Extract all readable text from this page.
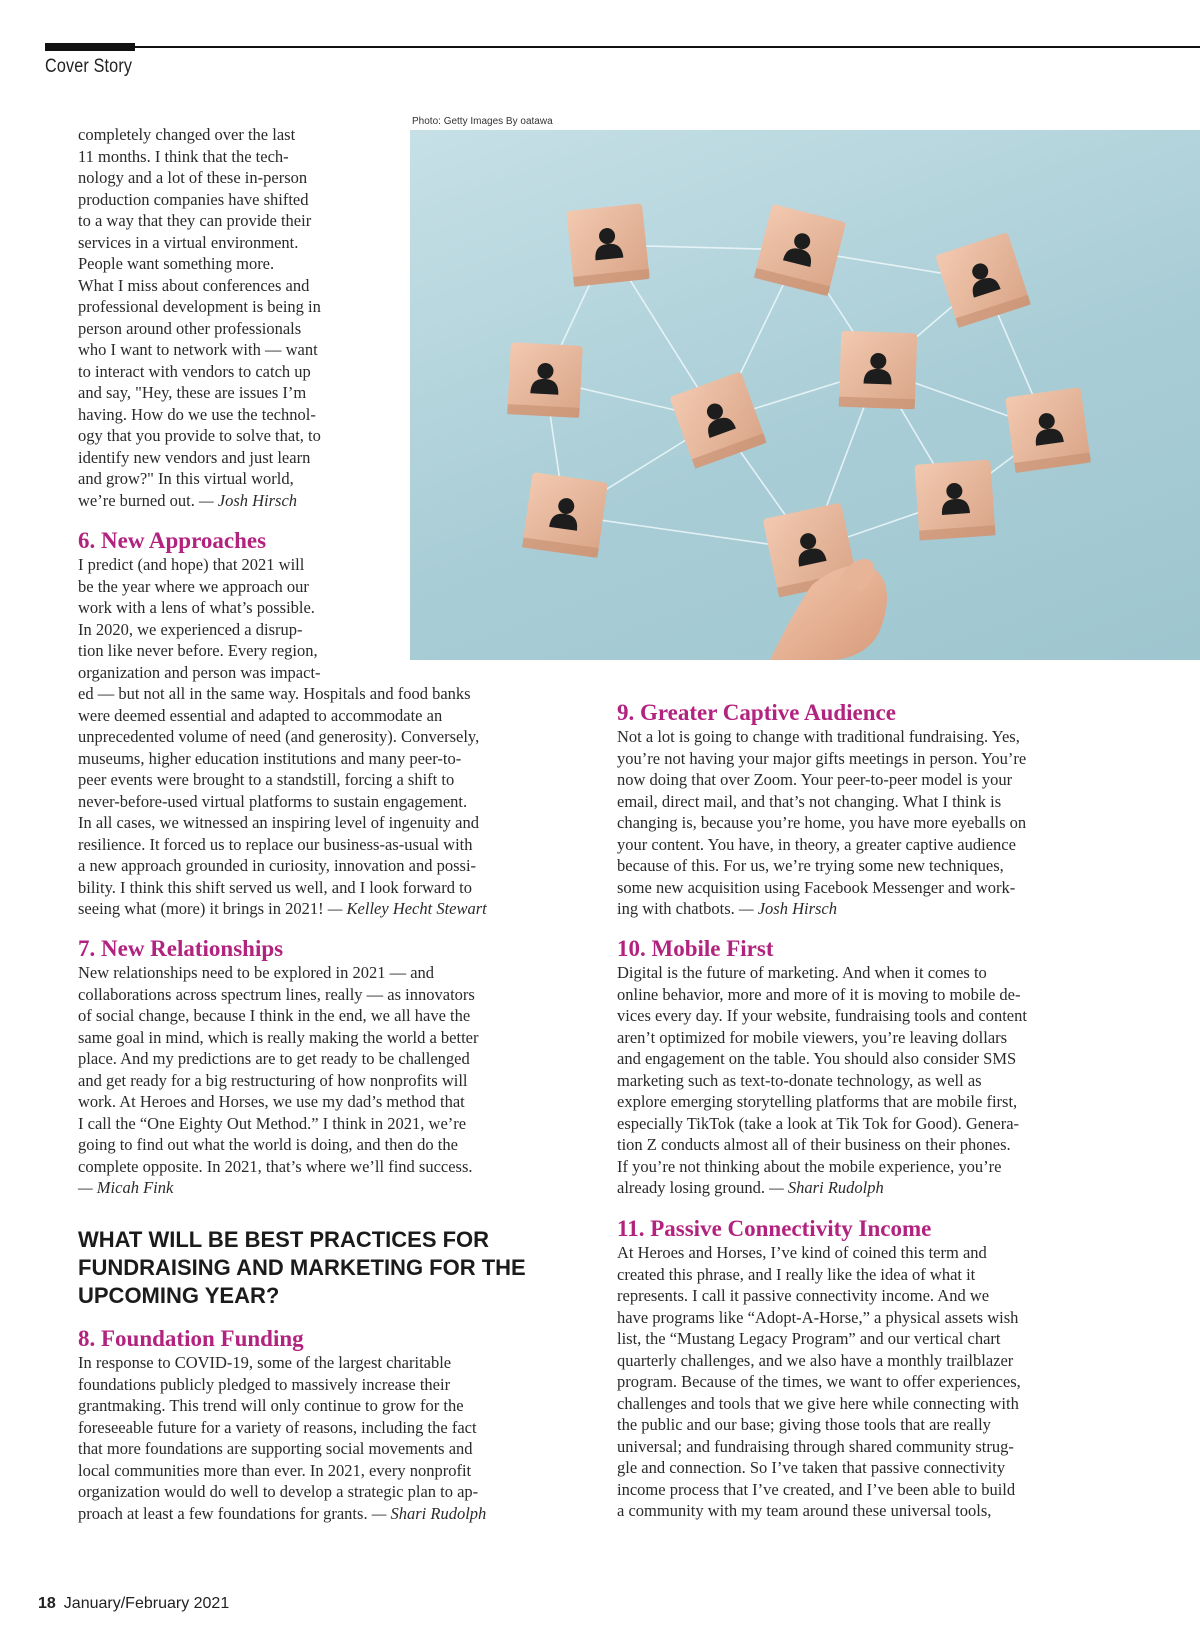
Cover Story
Photo: Getty Images By oatawa

completely changed over the last
11 months. I think that the tech-
nology and a lot of these in-person
production companies have shifted
to a way that they can provide their
services in a virtual environment.
People want something more.
What I miss about conferences and
professional development is being in
person around other professionals
who I want to network with — want
to interact with vendors to catch up
and say, "Hey, these are issues I’m
having. How do we use the technol-
ogy that you provide to solve that, to
identify new vendors and just learn
and grow?" In this virtual world,
we’re burned out. — Josh Hirsch

6. New Approaches

I predict (and hope) that 2021 will
be the year where we approach our
work with a lens of what’s possible.
In 2020, we experienced a disrup-
tion like never before. Every region,
organization and person was impact-
ed — but not all in the same way. Hospitals and food banks
were deemed essential and adapted to accommodate an
unprecedented volume of need (and generosity). Conversely,
museums, higher education institutions and many peer-to-
peer events were brought to a standstill, forcing a shift to
never-before-used virtual platforms to sustain engagement.
In all cases, we witnessed an inspiring level of ingenuity and
resilience. It forced us to replace our business-as-usual with
a new approach grounded in curiosity, innovation and possi-
bility. I think this shift served us well, and I look forward to
seeing what (more) it brings in 2021! — Kelley Hecht Stewart

7. New Relationships

New relationships need to be explored in 2021 — and
collaborations across spectrum lines, really — as innovators
of social change, because I think in the end, we all have the
same goal in mind, which is really making the world a better
place. And my predictions are to get ready to be challenged
and get ready for a big restructuring of how nonprofits will
work. At Heroes and Horses, we use my dad’s method that
I call the “One Eighty Out Method.” I think in 2021, we’re
going to find out what the world is doing, and then do the
complete opposite. In 2021, that’s where we’ll find success.
— Micah Fink

WHAT WILL BE BEST PRACTICES FOR FUNDRAISING AND MARKETING FOR THE UPCOMING YEAR?
8. Foundation Funding

In response to COVID-19, some of the largest charitable
foundations publicly pledged to massively increase their
grantmaking. This trend will only continue to grow for the
foreseeable future for a variety of reasons, including the fact
that more foundations are supporting social movements and
local communities more than ever. In 2021, every nonprofit
organization would do well to develop a strategic plan to ap-
proach at least a few foundations for grants. — Shari Rudolph

9. Greater Captive Audience

Not a lot is going to change with traditional fundraising. Yes,
you’re not having your major gifts meetings in person. You’re
now doing that over Zoom. Your peer-to-peer model is your
email, direct mail, and that’s not changing. What I think is
changing is, because you’re home, you have more eyeballs on
your content. You have, in theory, a greater captive audience
because of this. For us, we’re trying some new techniques,
some new acquisition using Facebook Messenger and work-
ing with chatbots. — Josh Hirsch

10. Mobile First

Digital is the future of marketing. And when it comes to
online behavior, more and more of it is moving to mobile de-
vices every day. If your website, fundraising tools and content
aren’t optimized for mobile viewers, you’re leaving dollars
and engagement on the table. You should also consider SMS
marketing such as text-to-donate technology, as well as
explore emerging storytelling platforms that are mobile first,
especially TikTok (take a look at Tik Tok for Good). Genera-
tion Z conducts almost all of their business on their phones.
If you’re not thinking about the mobile experience, you’re
already losing ground. — Shari Rudolph

11. Passive Connectivity Income

At Heroes and Horses, I’ve kind of coined this term and
created this phrase, and I really like the idea of what it
represents. I call it passive connectivity income. And we
have programs like “Adopt-A-Horse,” a physical assets wish
list, the “Mustang Legacy Program” and our vertical chart
quarterly challenges, and we also have a monthly trailblazer
program. Because of the times, we want to offer experiences,
challenges and tools that we give here while connecting with
the public and our base; giving those tools that are really
universal; and fundraising through shared community strug-
gle and connection. So I’ve taken that passive connectivity
income process that I’ve created, and I’ve been able to build
a community with my team around these universal tools,

18 January/February 2021
